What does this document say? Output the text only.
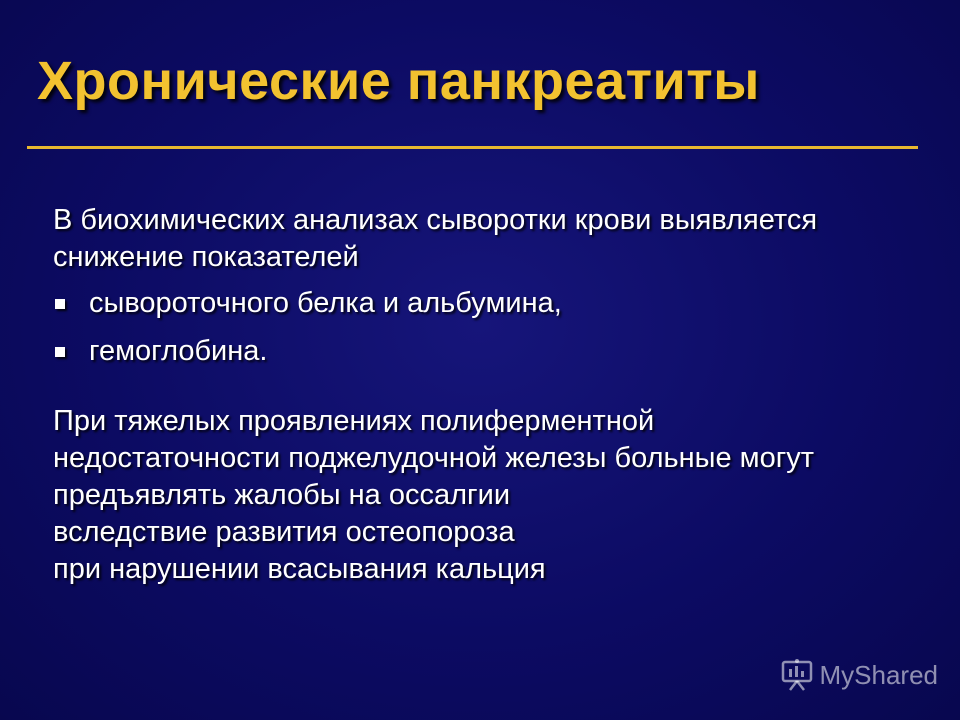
Хронические панкреатиты

В биохимических анализах сыворотки крови выявляется
снижение показателей

сывороточного белка и альбумина,
гемоглобина.

При тяжелых проявлениях полиферментной
недостаточности поджелудочной железы больные могут
предъявлять жалобы на оссалгии
вследствие развития остеопороза
при нарушении всасывания кальция

MyShared
